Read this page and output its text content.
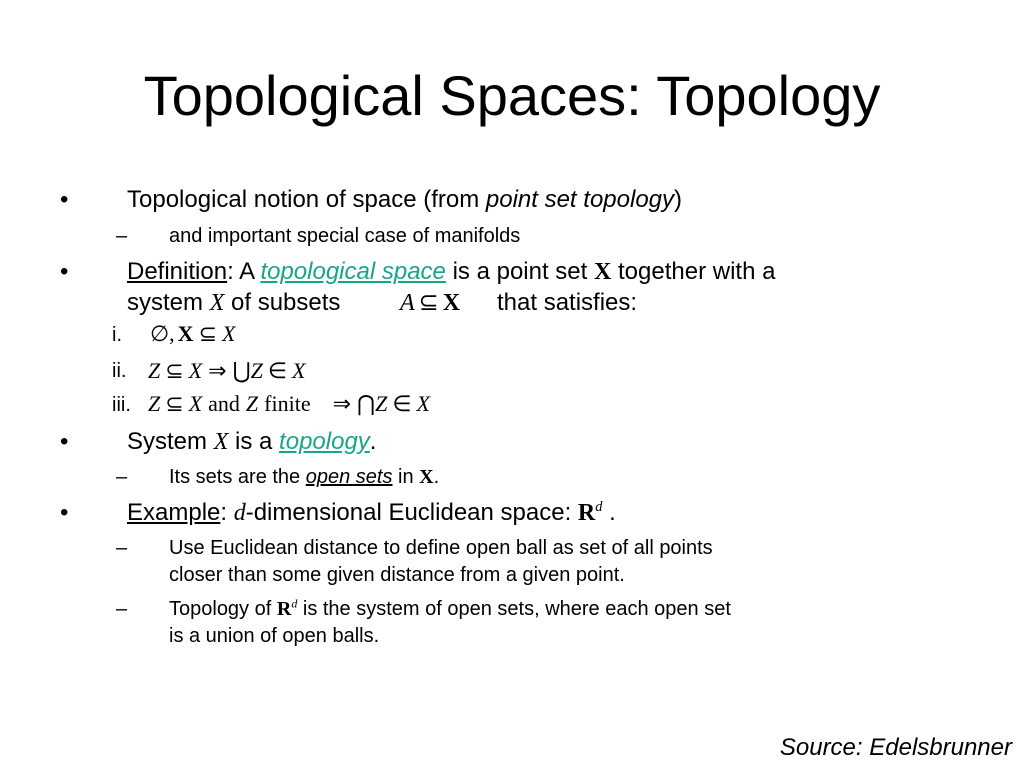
Topological Spaces: Topology
• Topological notion of space (from point set topology)
– and important special case of manifolds
• Definition: A topological space is a point set X together with a
system X of subsets A ⊆ X that satisfies:
i. ∅, X ⊆ X
ii. Z ⊆ X ⇒ ⋃Z ∈ X
iii. Z ⊆ X and Z finite ⇒ ⋂Z ∈ X
• System X is a topology.
– Its sets are the open sets in X.
• Example: d-dimensional Euclidean space: $R^d$ .
– Use Euclidean distance to define open ball as set of all points
closer than some given distance from a given point.
– Topology of $R^d$ is the system of open sets, where each open set
is a union of open balls.
Source: Edelsbrunner
